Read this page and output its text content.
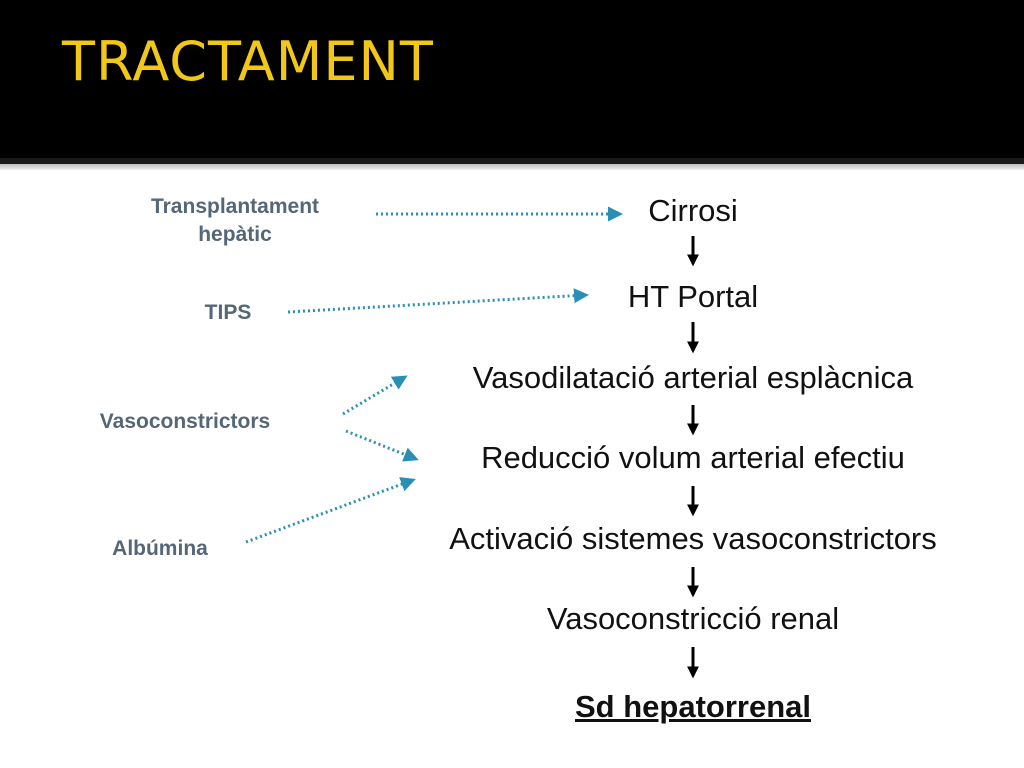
TRACTAMENT
Cirrosi
HT Portal
Vasodilatació arterial esplàcnica
Reducció volum arterial efectiu
Activació sistemes vasoconstrictors
Vasoconstricció renal
Sd hepatorrenal
Transplantament
hepàtic
TIPS
Vasoconstrictors
Albúmina
